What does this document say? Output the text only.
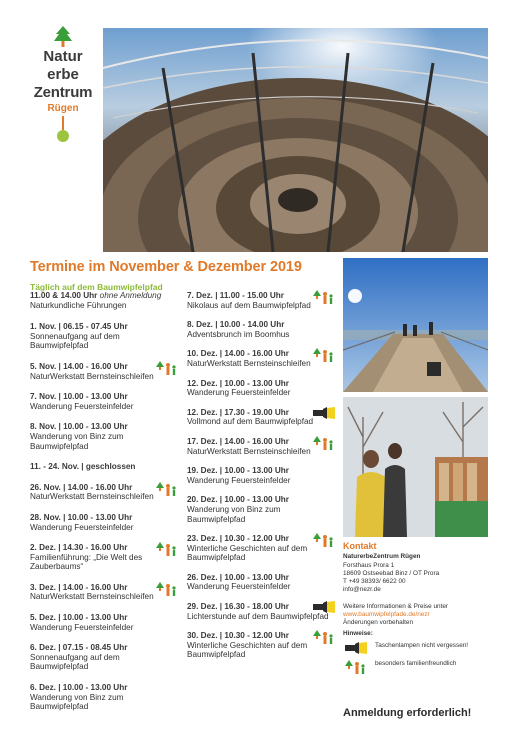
Natur
erbe
Zentrum
Rügen
Termine im November & Dezember 2019
Täglich auf dem Baumwipfelpfad
11.00 & 14.00 Uhr ohne Anmeldung
Naturkundliche Führungen
1. Nov. | 06.15 - 07.45 Uhr
Sonnenaufgang auf dem Baumwipfelpfad
5. Nov. | 14.00 - 16.00 Uhr
NaturWerkstatt Bernsteinschleifen
7. Nov. | 10.00 - 13.00 Uhr
Wanderung Feuersteinfelder
8. Nov. | 10.00 - 13.00 Uhr
Wanderung von Binz zum Baumwipfelpfad
11. - 24. Nov. | geschlossen
26. Nov. | 14.00 - 16.00 Uhr
NaturWerkstatt Bernsteinschleifen
28. Nov. | 10.00 - 13.00 Uhr
Wanderung Feuersteinfelder
2. Dez. | 14.30 - 16.00 Uhr
Familienführung: „Die Welt des Zauberbaums“
3. Dez. | 14.00 - 16.00 Uhr
NaturWerkstatt Bernsteinschleifen
5. Dez. | 10.00 - 13.00 Uhr
Wanderung Feuersteinfelder
6. Dez. | 07.15 - 08.45 Uhr
Sonnenaufgang auf dem Baumwipfelpfad
6. Dez. | 10.00 - 13.00 Uhr
Wanderung von Binz zum Baumwipfelpfad
7. Dez. | 11.00 - 15.00 Uhr
Nikolaus auf dem Baumwipfelpfad
8. Dez. | 10.00 - 14.00 Uhr
Adventsbrunch im Boomhus
10. Dez. | 14.00 - 16.00 Uhr
NaturWerkstatt Bernsteinschleifen
12. Dez. | 10.00 - 13.00 Uhr
Wanderung Feuersteinfelder
12. Dez. | 17.30 - 19.00 Uhr
Vollmond auf dem Baumwipfelpfad
17. Dez. | 14.00 - 16.00 Uhr
NaturWerkstatt Bernsteinschleifen
19. Dez. | 10.00 - 13.00 Uhr
Wanderung Feuersteinfelder
20. Dez. | 10.00 - 13.00 Uhr
Wanderung von Binz zum Baumwipfelpfad
23. Dez. | 10.30 - 12.00 Uhr
Winterliche Geschichten auf dem Baumwipfelpfad
26. Dez. | 10.00 - 13.00 Uhr
Wanderung Feuersteinfelder
29. Dez. | 16.30 - 18.00 Uhr
Lichterstunde auf dem Baumwipfelpfad
30. Dez. | 10.30 - 12.00 Uhr
Winterliche Geschichten auf dem Baumwipfelpfad
Kontakt
NaturerbeZentrum Rügen
Forsthaus Prora 1
18609 Ostseebad Binz / OT Prora
T +49 38393/ 6622 00
info@nezr.de
Weitere Informationen & Preise unter
www.baumwipfelpfade.de/nezr
Änderungen vorbehalten
Hinweise:
Taschenlampen nicht vergessen!
besonders familienfreundlich
Anmeldung erforderlich!
